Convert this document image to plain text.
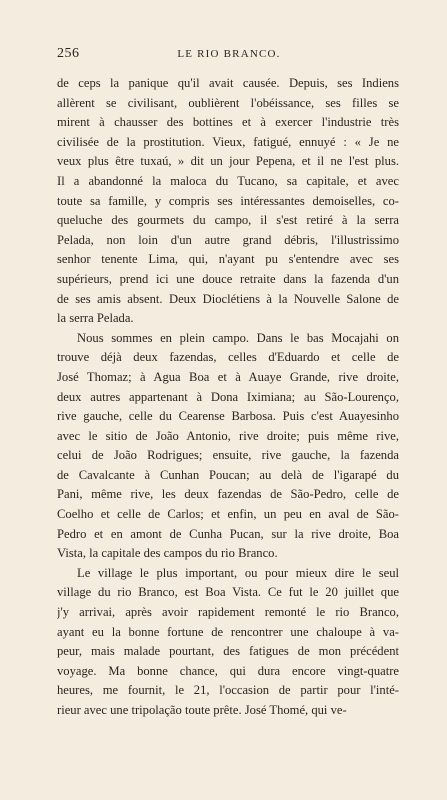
256	LE RIO BRANCO.
de ceps la panique qu'il avait causée. Depuis, ses Indiens
allèrent se civilisant, oublièrent l'obéissance, ses filles se
mirent à chausser des bottines et à exercer l'industrie très
civilisée de la prostitution. Vieux, fatigué, ennuyé : « Je ne
veux plus être tuxaú, » dit un jour Pepena, et il ne l'est plus.
Il a abandonné la maloca du Tucano, sa capitale, et avec
toute sa famille, y compris ses intéressantes demoiselles, co-
queluche des gourmets du campo, il s'est retiré à la serra
Pelada, non loin d'un autre grand débris, l'illustrissimo
senhor tenente Lima, qui, n'ayant pu s'entendre avec ses
supérieurs, prend ici une douce retraite dans la fazenda d'un
de ses amis absent. Deux Dioclétiens à la Nouvelle Salone de
la serra Pelada.
Nous sommes en plein campo. Dans le bas Mocajahi on
trouve déjà deux fazendas, celles d'Eduardo et celle de
José Thomaz; à Agua Boa et à Auaye Grande, rive droite,
deux autres appartenant à Dona Iximiana; au São-Lourenço,
rive gauche, celle du Cearense Barbosa. Puis c'est Auayesinho
avec le sitio de João Antonio, rive droite; puis même rive,
celui de João Rodrigues; ensuite, rive gauche, la fazenda
de Cavalcante à Cunhan Poucan; au delà de l'igarapé du
Pani, même rive, les deux fazendas de São-Pedro, celle de
Coelho et celle de Carlos; et enfin, un peu en aval de São-
Pedro et en amont de Cunha Pucan, sur la rive droite, Boa
Vista, la capitale des campos du rio Branco.
Le village le plus important, ou pour mieux dire le seul
village du rio Branco, est Boa Vista. Ce fut le 20 juillet que
j'y arrivai, après avoir rapidement remonté le rio Branco,
ayant eu la bonne fortune de rencontrer une chaloupe à va-
peur, mais malade pourtant, des fatigues de mon précédent
voyage. Ma bonne chance, qui dura encore vingt-quatre
heures, me fournit, le 21, l'occasion de partir pour l'inté-
rieur avec une tripolação toute prête. José Thomé, qui ve-
